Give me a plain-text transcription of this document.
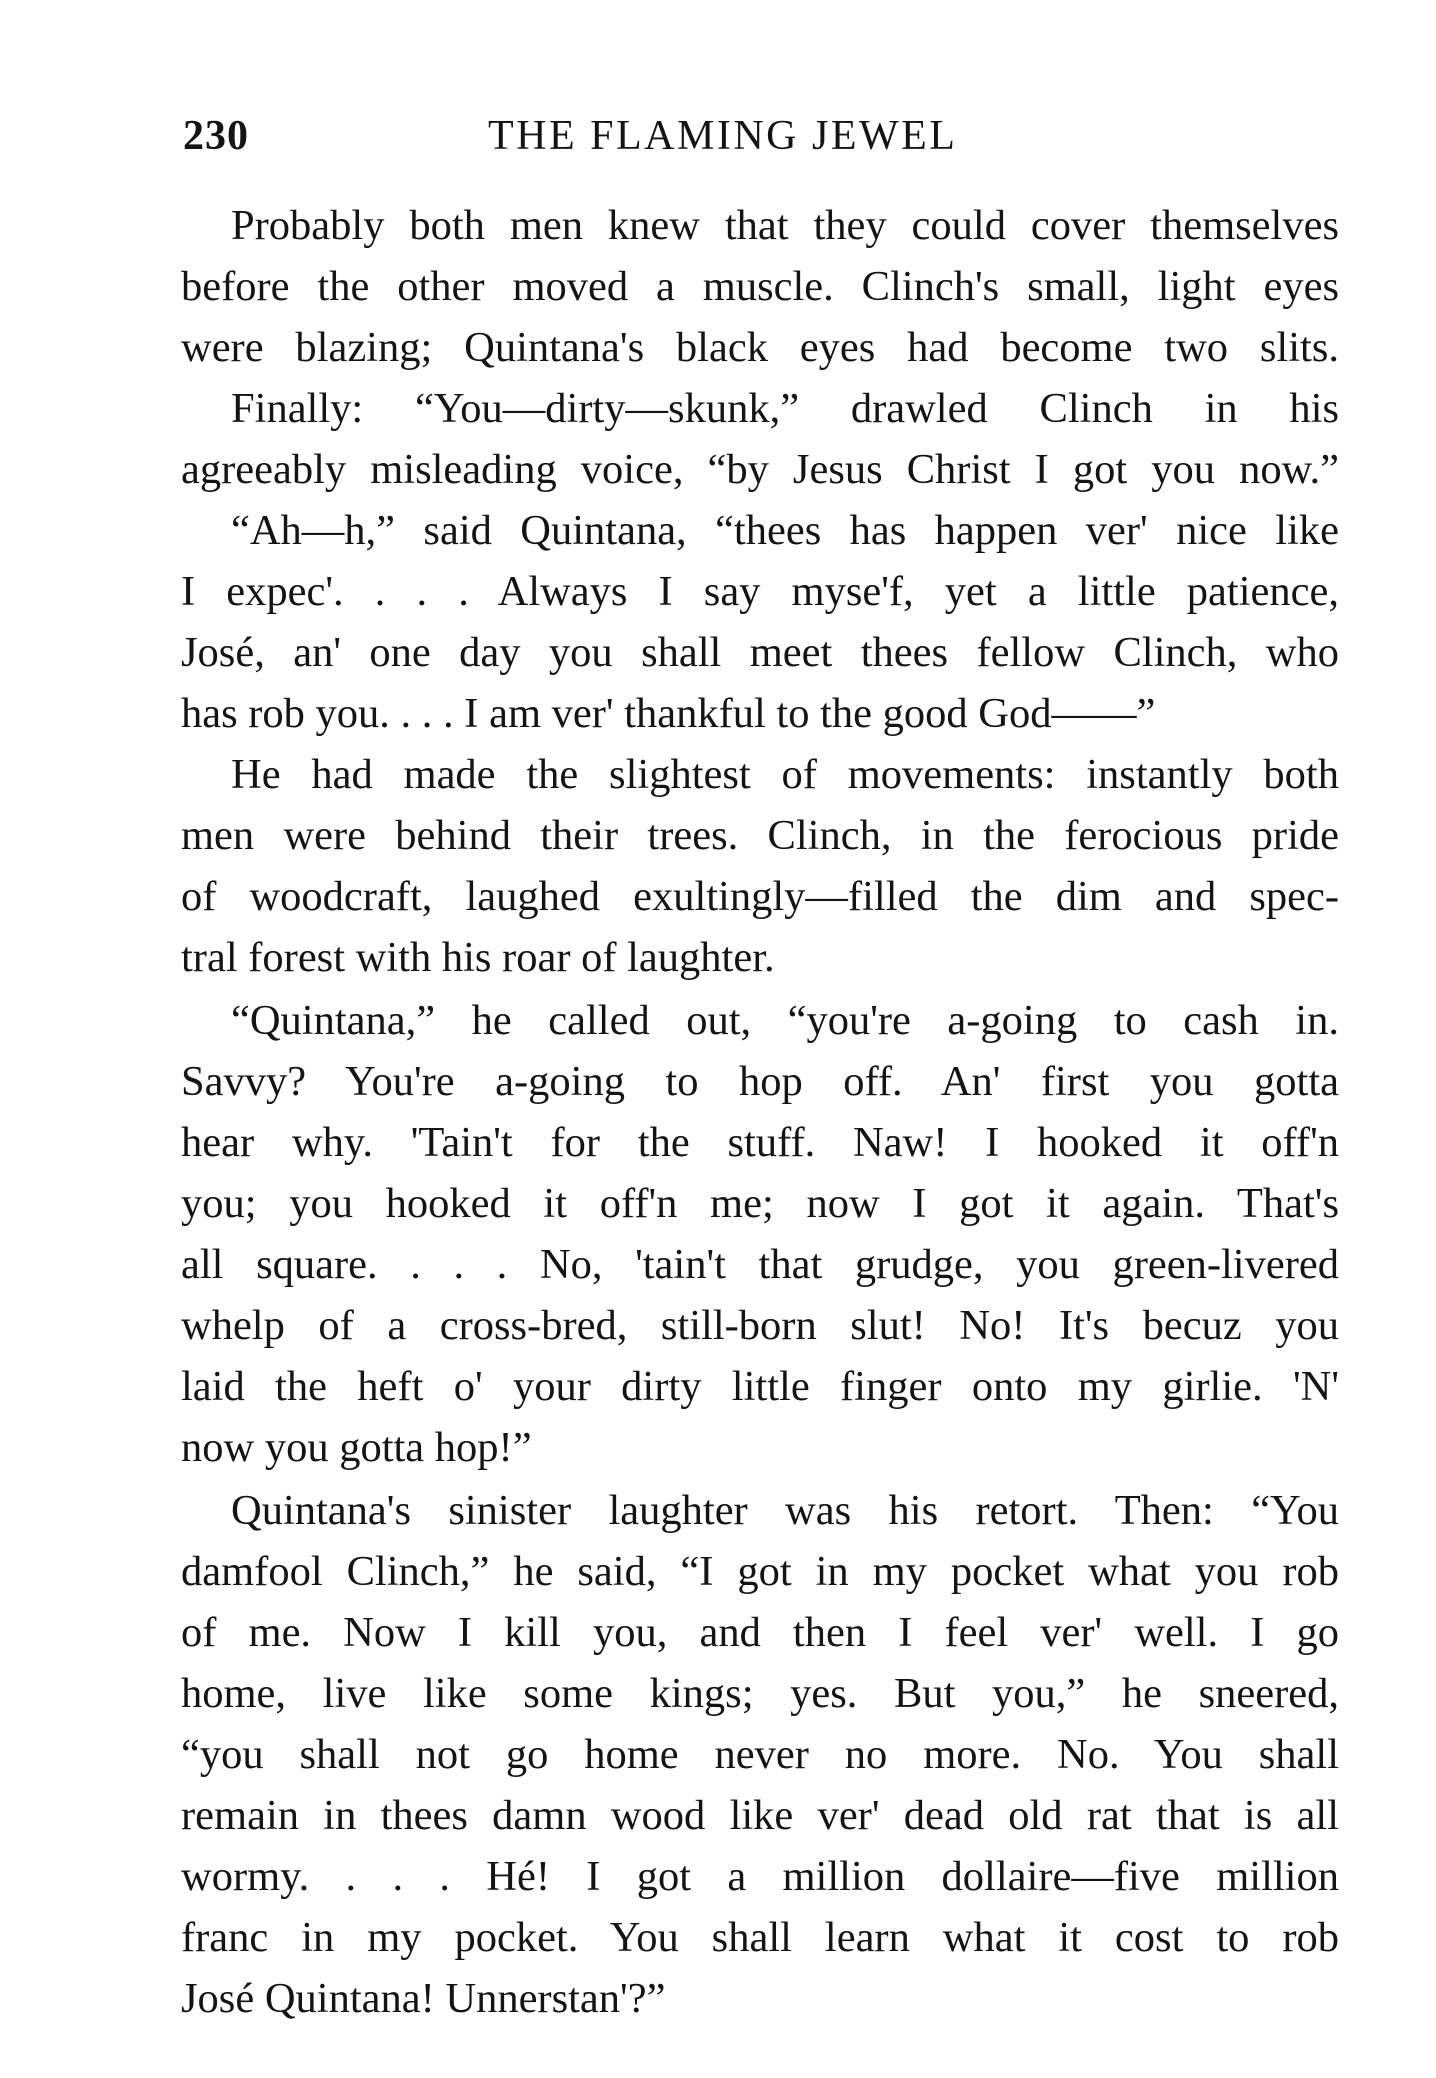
230	THE FLAMING JEWEL
Probably both men knew that they could cover themselves
before the other moved a muscle. Clinch's small, light eyes
were blazing; Quintana's black eyes had become two slits.
Finally: “You—dirty—skunk,” drawled Clinch in his
agreeably misleading voice, “by Jesus Christ I got you now.”
“Ah—h,” said Quintana, “thees has happen ver' nice like
I expec'. . . . Always I say myse'f, yet a little patience,
José, an' one day you shall meet thees fellow Clinch, who
has rob you. . . . I am ver' thankful to the good God——”
He had made the slightest of movements: instantly both
men were behind their trees. Clinch, in the ferocious pride
of woodcraft, laughed exultingly—filled the dim and spec-
tral forest with his roar of laughter.
“Quintana,” he called out, “you're a-going to cash in.
Savvy? You're a-going to hop off. An' first you gotta
hear why. 'Tain't for the stuff. Naw! I hooked it off'n
you; you hooked it off'n me; now I got it again. That's
all square. . . . No, 'tain't that grudge, you green-livered
whelp of a cross-bred, still-born slut! No! It's becuz you
laid the heft o' your dirty little finger onto my girlie. 'N'
now you gotta hop!”
Quintana's sinister laughter was his retort. Then: “You
damfool Clinch,” he said, “I got in my pocket what you rob
of me. Now I kill you, and then I feel ver' well. I go
home, live like some kings; yes. But you,” he sneered,
“you shall not go home never no more. No. You shall
remain in thees damn wood like ver' dead old rat that is all
wormy. . . . Hé! I got a million dollaire—five million
franc in my pocket. You shall learn what it cost to rob
José Quintana! Unnerstan'?”
